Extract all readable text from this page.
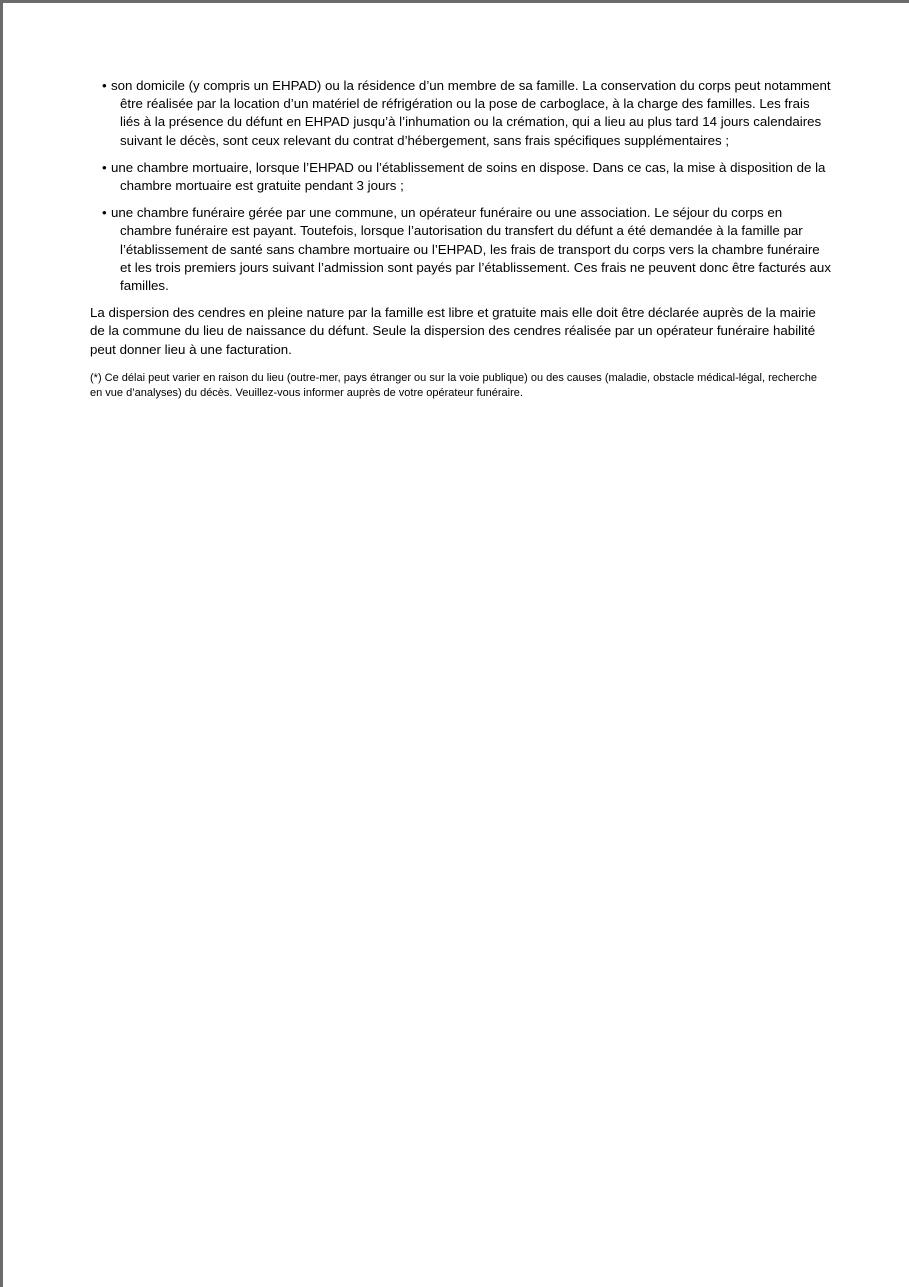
• son domicile (y compris un EHPAD) ou la résidence d’un membre de sa famille. La conservation du corps peut notamment être réalisée par la location d’un matériel de réfrigération ou la pose de carboglace, à la charge des familles. Les frais liés à la présence du défunt en EHPAD jusqu’à l’inhumation ou la crémation, qui a lieu au plus tard 14 jours calendaires suivant le décès, sont ceux relevant du contrat d’hébergement, sans frais spécifiques supplémentaires ;
• une chambre mortuaire, lorsque l’EHPAD ou l’établissement de soins en dispose. Dans ce cas, la mise à disposition de la chambre mortuaire est gratuite pendant 3 jours ;
• une chambre funéraire gérée par une commune, un opérateur funéraire ou une association. Le séjour du corps en chambre funéraire est payant. Toutefois, lorsque l’autorisation du transfert du défunt a été demandée à la famille par l’établissement de santé sans chambre mortuaire ou l’EHPAD, les frais de transport du corps vers la chambre funéraire et les trois premiers jours suivant l’admission sont payés par l’établissement. Ces frais ne peuvent donc être facturés aux familles.

La dispersion des cendres en pleine nature par la famille est libre et gratuite mais elle doit être déclarée auprès de la mairie de la commune du lieu de naissance du défunt. Seule la dispersion des cendres réalisée par un opérateur funéraire habilité peut donner lieu à une facturation.

(*) Ce délai peut varier en raison du lieu (outre-mer, pays étranger ou sur la voie publique) ou des causes (maladie, obstacle médical-légal, recherche en vue d’analyses) du décès. Veuillez-vous informer auprès de votre opérateur funéraire.
